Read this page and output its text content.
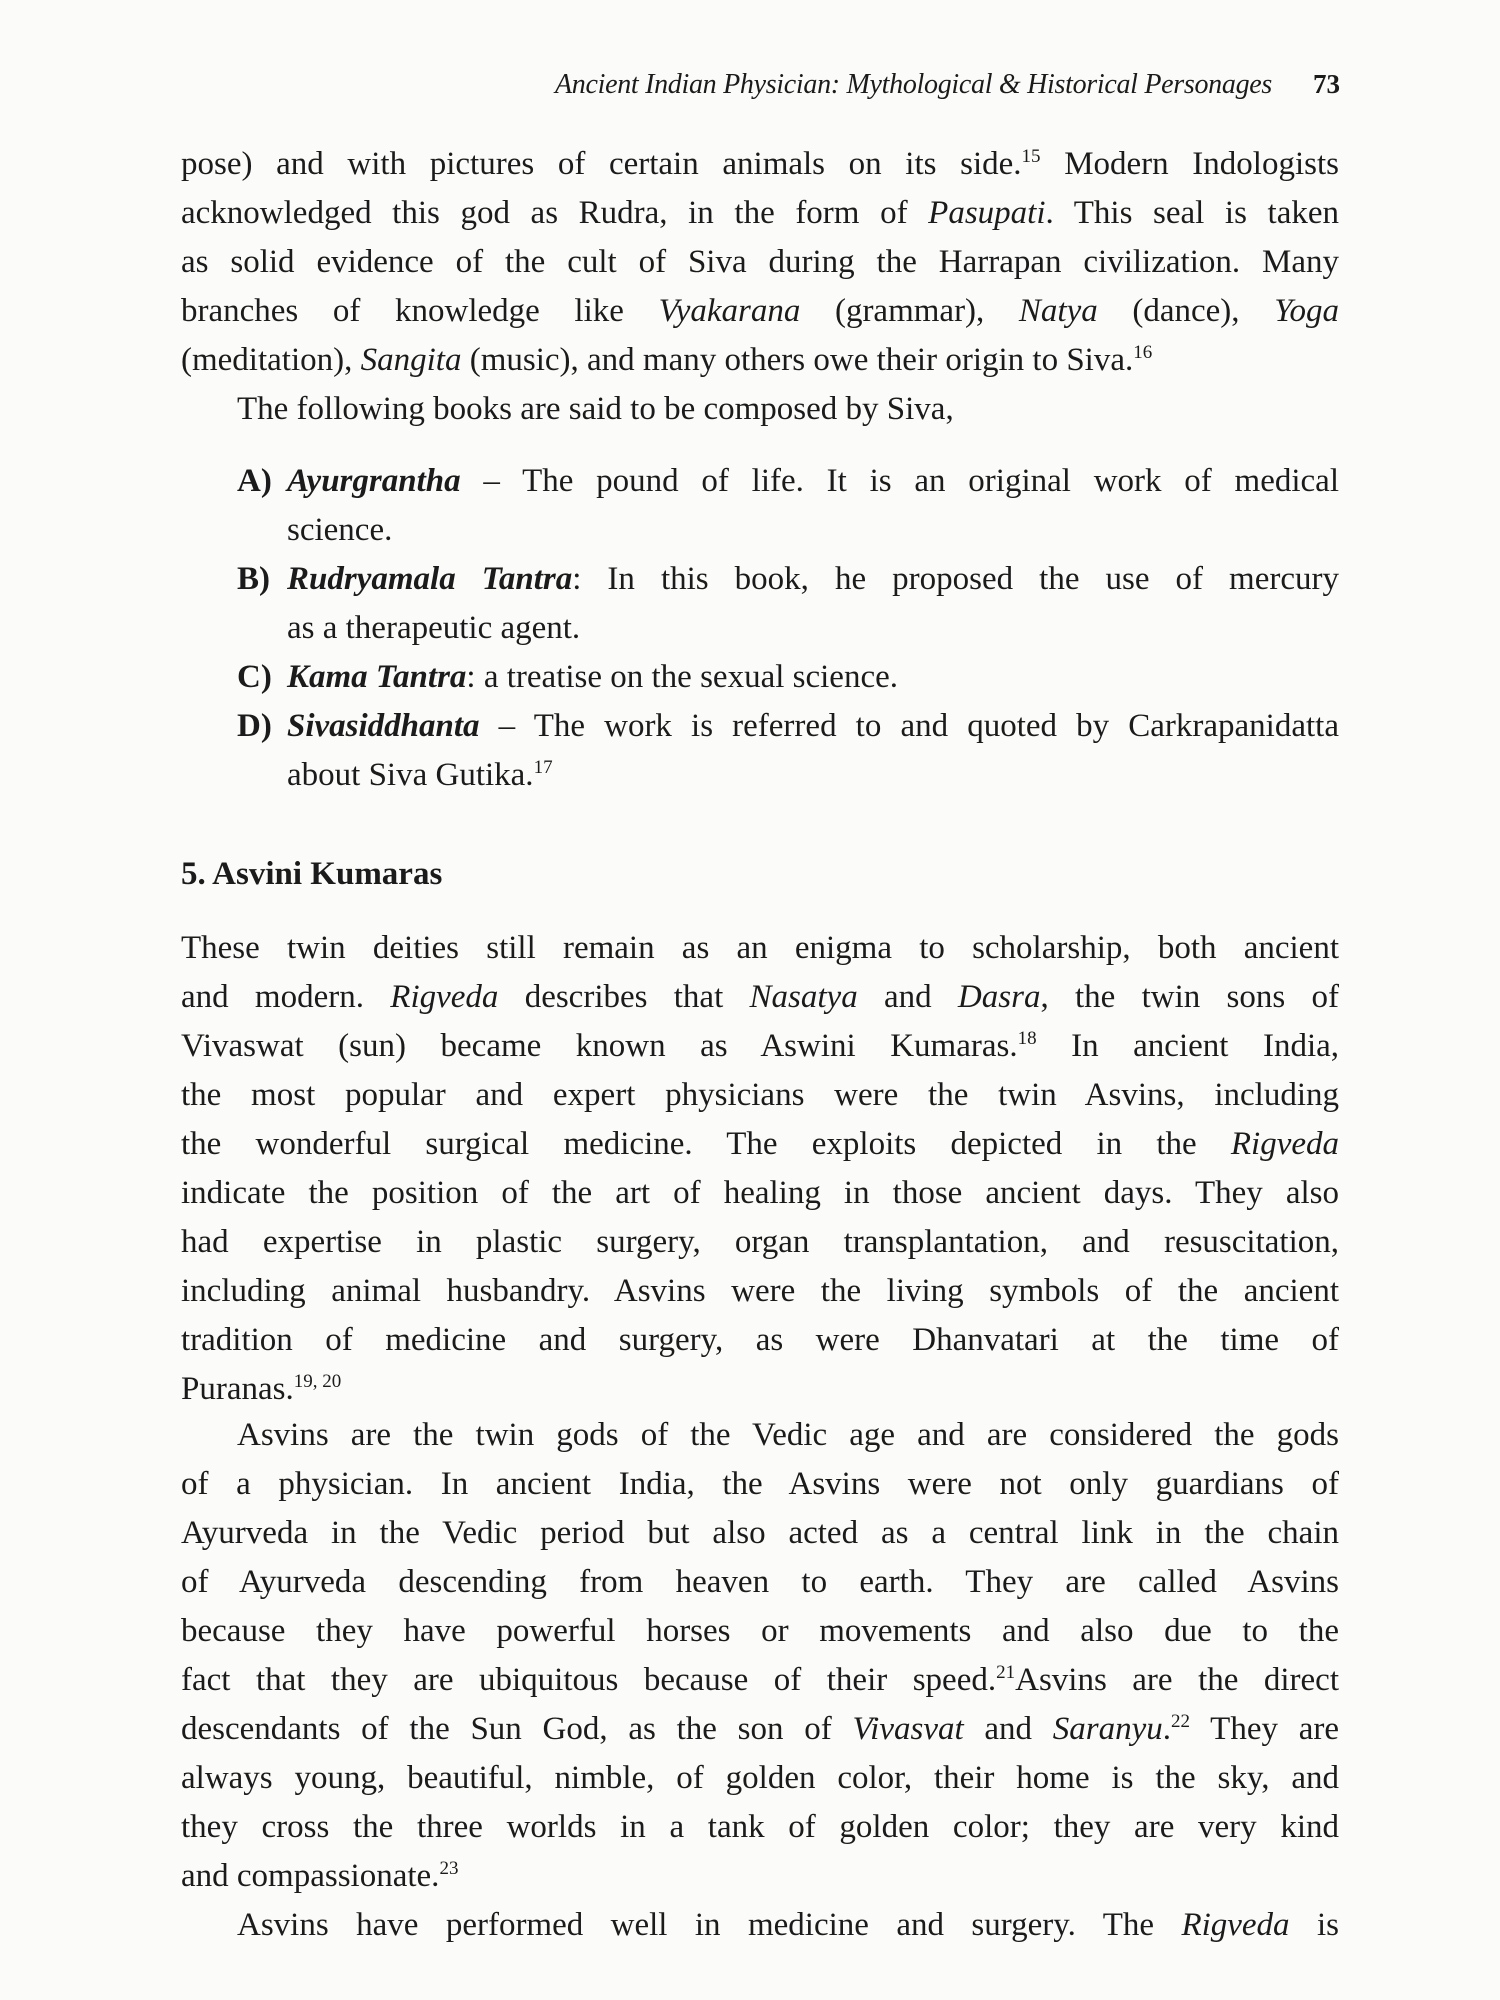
Ancient Indian Physician: Mythological & Historical Personages 73
5. Asvini Kumaras
pose) and with pictures of certain animals on its side.$^{15}$ Modern Indologists
acknowledged this god as Rudra, in the form of Pasupati. This seal is taken
as solid evidence of the cult of Siva during the Harrapan civilization. Many
branches of knowledge like Vyakarana (grammar), Natya (dance), Yoga
(meditation), Sangita (music), and many others owe their origin to Siva.$^{16}$
The following books are said to be composed by Siva,
A) Ayurgrantha – The pound of life. It is an original work of medical
science.
B) Rudryamala Tantra: In this book, he proposed the use of mercury
as a therapeutic agent.
C) Kama Tantra: a treatise on the sexual science.
D) Sivasiddhanta – The work is referred to and quoted by Carkrapanidatta
about Siva Gutika.$^{17}$
These twin deities still remain as an enigma to scholarship, both ancient
and modern. Rigveda describes that Nasatya and Dasra, the twin sons of
Vivaswat (sun) became known as Aswini Kumaras.$^{18}$ In ancient India,
the most popular and expert physicians were the twin Asvins, including
the wonderful surgical medicine. The exploits depicted in the Rigveda
indicate the position of the art of healing in those ancient days. They also
had expertise in plastic surgery, organ transplantation, and resuscitation,
including animal husbandry. Asvins were the living symbols of the ancient
tradition of medicine and surgery, as were Dhanvatari at the time of
Puranas.$^{19, 20}$
Asvins are the twin gods of the Vedic age and are considered the gods
of a physician. In ancient India, the Asvins were not only guardians of
Ayurveda in the Vedic period but also acted as a central link in the chain
of Ayurveda descending from heaven to earth. They are called Asvins
because they have powerful horses or movements and also due to the
fact that they are ubiquitous because of their speed.$^{21}$Asvins are the direct
descendants of the Sun God, as the son of Vivasvat and Saranyu.$^{22}$ They are
always young, beautiful, nimble, of golden color, their home is the sky, and
they cross the three worlds in a tank of golden color; they are very kind
and compassionate.$^{23}$
Asvins have performed well in medicine and surgery. The Rigveda is
